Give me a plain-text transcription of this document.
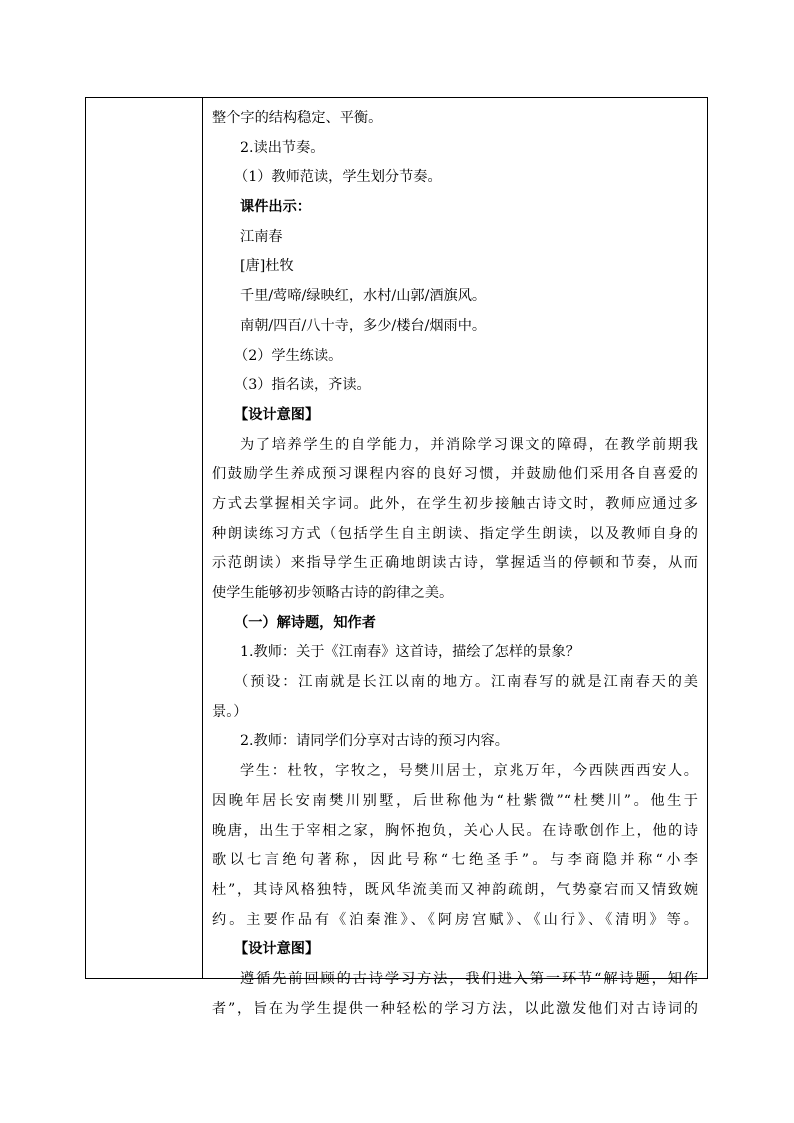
整个字的结构稳定、平衡。
2.读出节奏。
（1）教师范读，学生划分节奏。
课件出示：
江南春
[唐]杜牧
千里/莺啼/绿映红，水村/山郭/酒旗风。
南朝/四百/八十寺，多少/楼台/烟雨中。
（2）学生练读。
（3）指名读，齐读。
【设计意图】
为了培养学生的自学能力，并消除学习课文的障碍，在教学前期我
们鼓励学生养成预习课程内容的良好习惯，并鼓励他们采用各自喜爱的
方式去掌握相关字词。此外，在学生初步接触古诗文时，教师应通过多
种朗读练习方式（包括学生自主朗读、指定学生朗读，以及教师自身的
示范朗读）来指导学生正确地朗读古诗，掌握适当的停顿和节奏，从而
使学生能够初步领略古诗的韵律之美。
（一）解诗题，知作者
1.教师：关于《江南春》这首诗，描绘了怎样的景象？
（预设：江南就是长江以南的地方。江南春写的就是江南春天的美
景。）
2.教师：请同学们分享对古诗的预习内容。
学生：杜牧，字牧之，号樊川居士，京兆万年，今西陕西西安人。
因晚年居长安南樊川别墅，后世称他为“杜紫微”“杜樊川”。他生于
晚唐，出生于宰相之家，胸怀抱负，关心人民。在诗歌创作上，他的诗
歌以七言绝句著称，因此号称“七绝圣手”。与李商隐并称“小李
杜”，其诗风格独特，既风华流美而又神韵疏朗，气势豪宕而又情致婉
约。主要作品有《泊秦淮》、《阿房宫赋》、《山行》、《清明》等。
【设计意图】
遵循先前回顾的古诗学习方法，我们进入第一环节“解诗题，知作
者”，旨在为学生提供一种轻松的学习方法，以此激发他们对古诗词的
